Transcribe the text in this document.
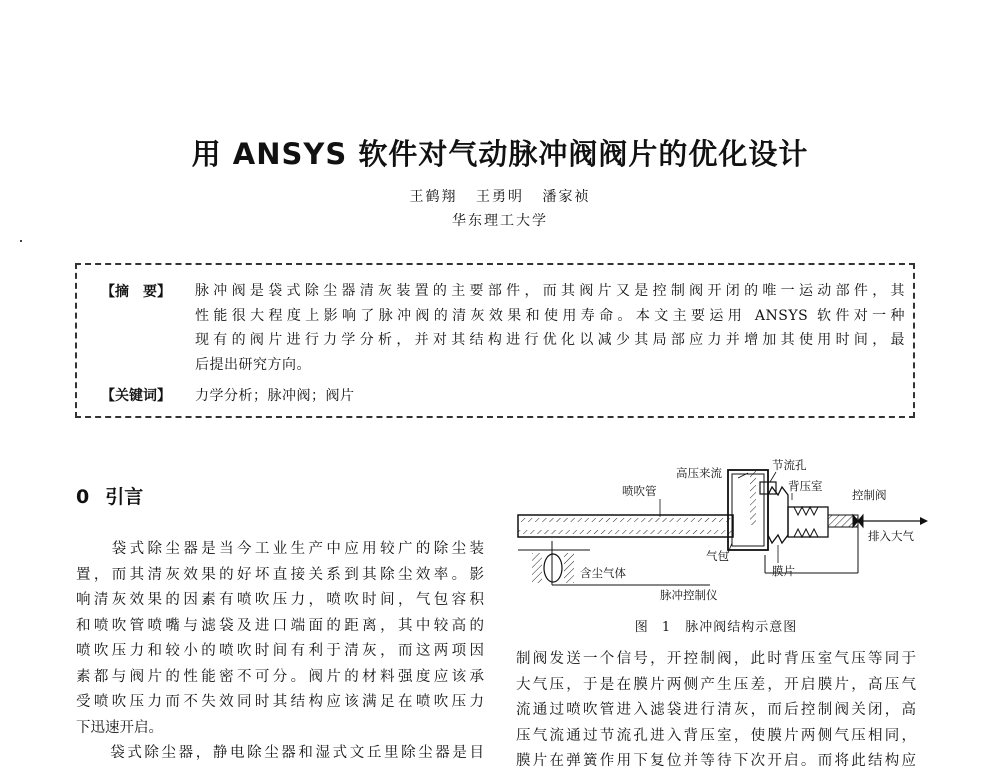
用 ANSYS 软件对气动脉冲阀阀片的优化设计
王鹤翔 王勇明 潘家祯
华东理工大学
【摘　要】 脉冲阀是袋式除尘器清灰装置的主要部件，而其阀片又是控制阀开闭的唯一运动部件，其
性能很大程度上影响了脉冲阀的清灰效果和使用寿命。本文主要运用 ANSYS 软件对一种
现有的阀片进行力学分析，并对其结构进行优化以减少其局部应力并增加其使用时间，最
后提出研究方向。
【关键词】 力学分析；脉冲阀；阀片
0 引言
　　袋式除尘器是当今工业生产中应用较广的除尘装
置，而其清灰效果的好坏直接关系到其除尘效率。影
响清灰效果的因素有喷吹压力，喷吹时间，气包容积
和喷吹管喷嘴与滤袋及进口端面的距离，其中较高的
喷吹压力和较小的喷吹时间有利于清灰，而这两项因
素都与阀片的性能密不可分。阀片的材料强度应该承
受喷吹压力而不失效同时其结构应该满足在喷吹压力
下迅速开启。
　　袋式除尘器，静电除尘器和湿式文丘里除尘器是目
高压来流
节流孔
喷吹管	背压室
控制阀
气包
排入大气
含尘气体	膜片
脉冲控制仪
图 1　脉冲阀结构示意图
制阀发送一个信号，开控制阀，此时背压室气压等同于
大气压，于是在膜片两侧产生压差，开启膜片，高压气
流通过喷吹管进入滤袋进行清灰，而后控制阀关闭，高
压气流通过节流孔进入背压室，使膜片两侧气压相同，
膜片在弹簧作用下复位并等待下次开启。而将此结构应
